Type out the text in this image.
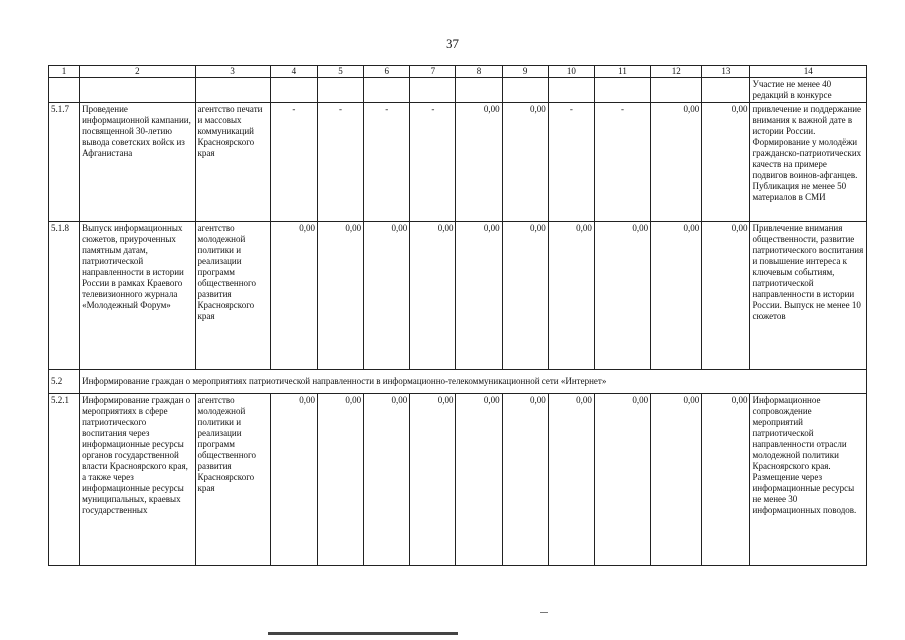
37
1	2	3	4	5	6	7	8	9	10	11	12	13	14
													Участие не менее 40 редакций в конкурсе
5.1.7	Проведение информационной кампании, посвященной 30-летию вывода советских войск из Афганистана	агентство печати и массовых коммуникаций Красноярского края	-	-	-	-	0,00	0,00	-	-	0,00	0,00	привлечение и поддержание внимания к важной дате в истории России. Формирование у молодёжи гражданско-патриотических качеств на примере подвигов воинов-афганцев. Публикация не менее 50 материалов в СМИ
5.1.8	Выпуск информационных сюжетов, приуроченных памятным датам, патриотической направленности в истории России в рамках Краевого телевизионного журнала «Молодежный Форум»	агентство молодежной политики и реализации программ общественного развития Красноярского края	0,00	0,00	0,00	0,00	0,00	0,00	0,00	0,00	0,00	0,00	Привлечение внимания общественности, развитие патриотического воспитания и повышение интереса к ключевым событиям, патриотической направленности в истории России. Выпуск не менее 10 сюжетов
5.2	Информирование граждан о мероприятиях патриотической направленности в информационно-телекоммуникационной сети «Интернет»												
5.2.1	Информирование граждан о мероприятиях в сфере патриотического воспитания через информационные ресурсы органов государственной власти Красноярского края, а также через информационные ресурсы муниципальных, краевых государственных	агентство молодежной политики и реализации программ общественного развития Красноярского края	0,00	0,00	0,00	0,00	0,00	0,00	0,00	0,00	0,00	0,00	Информационное сопровождение мероприятий патриотической направленности отрасли молодежной политики Красноярского края. Размещение через информационные ресурсы не менее 30 информационных поводов.
